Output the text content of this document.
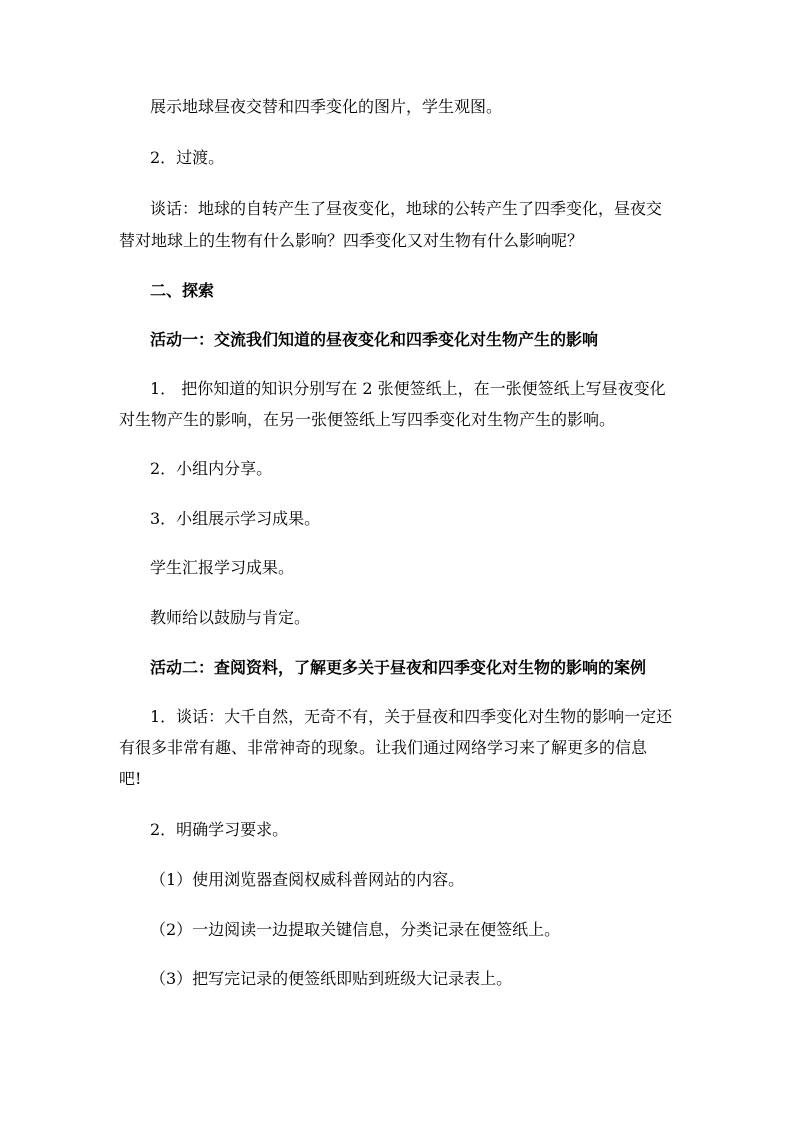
展示地球昼夜交替和四季变化的图片，学生观图。
2．过渡。
谈话：地球的自转产生了昼夜变化，地球的公转产生了四季变化，昼夜交
替对地球上的生物有什么影响？四季变化又对生物有什么影响呢？
二、探索
活动一：交流我们知道的昼夜变化和四季变化对生物产生的影响
1． 把你知道的知识分别写在 2 张便签纸上，在一张便签纸上写昼夜变化
对生物产生的影响，在另一张便签纸上写四季变化对生物产生的影响。
2．小组内分享。
3．小组展示学习成果。
学生汇报学习成果。
教师给以鼓励与肯定。
活动二：查阅资料，了解更多关于昼夜和四季变化对生物的影响的案例
1．谈话：大千自然，无奇不有，关于昼夜和四季变化对生物的影响一定还
有很多非常有趣、非常神奇的现象。让我们通过网络学习来了解更多的信息
吧!
2．明确学习要求。
（1）使用浏览器查阅权威科普网站的内容。
（2）一边阅读一边提取关键信息，分类记录在便签纸上。
（3）把写完记录的便签纸即贴到班级大记录表上。
